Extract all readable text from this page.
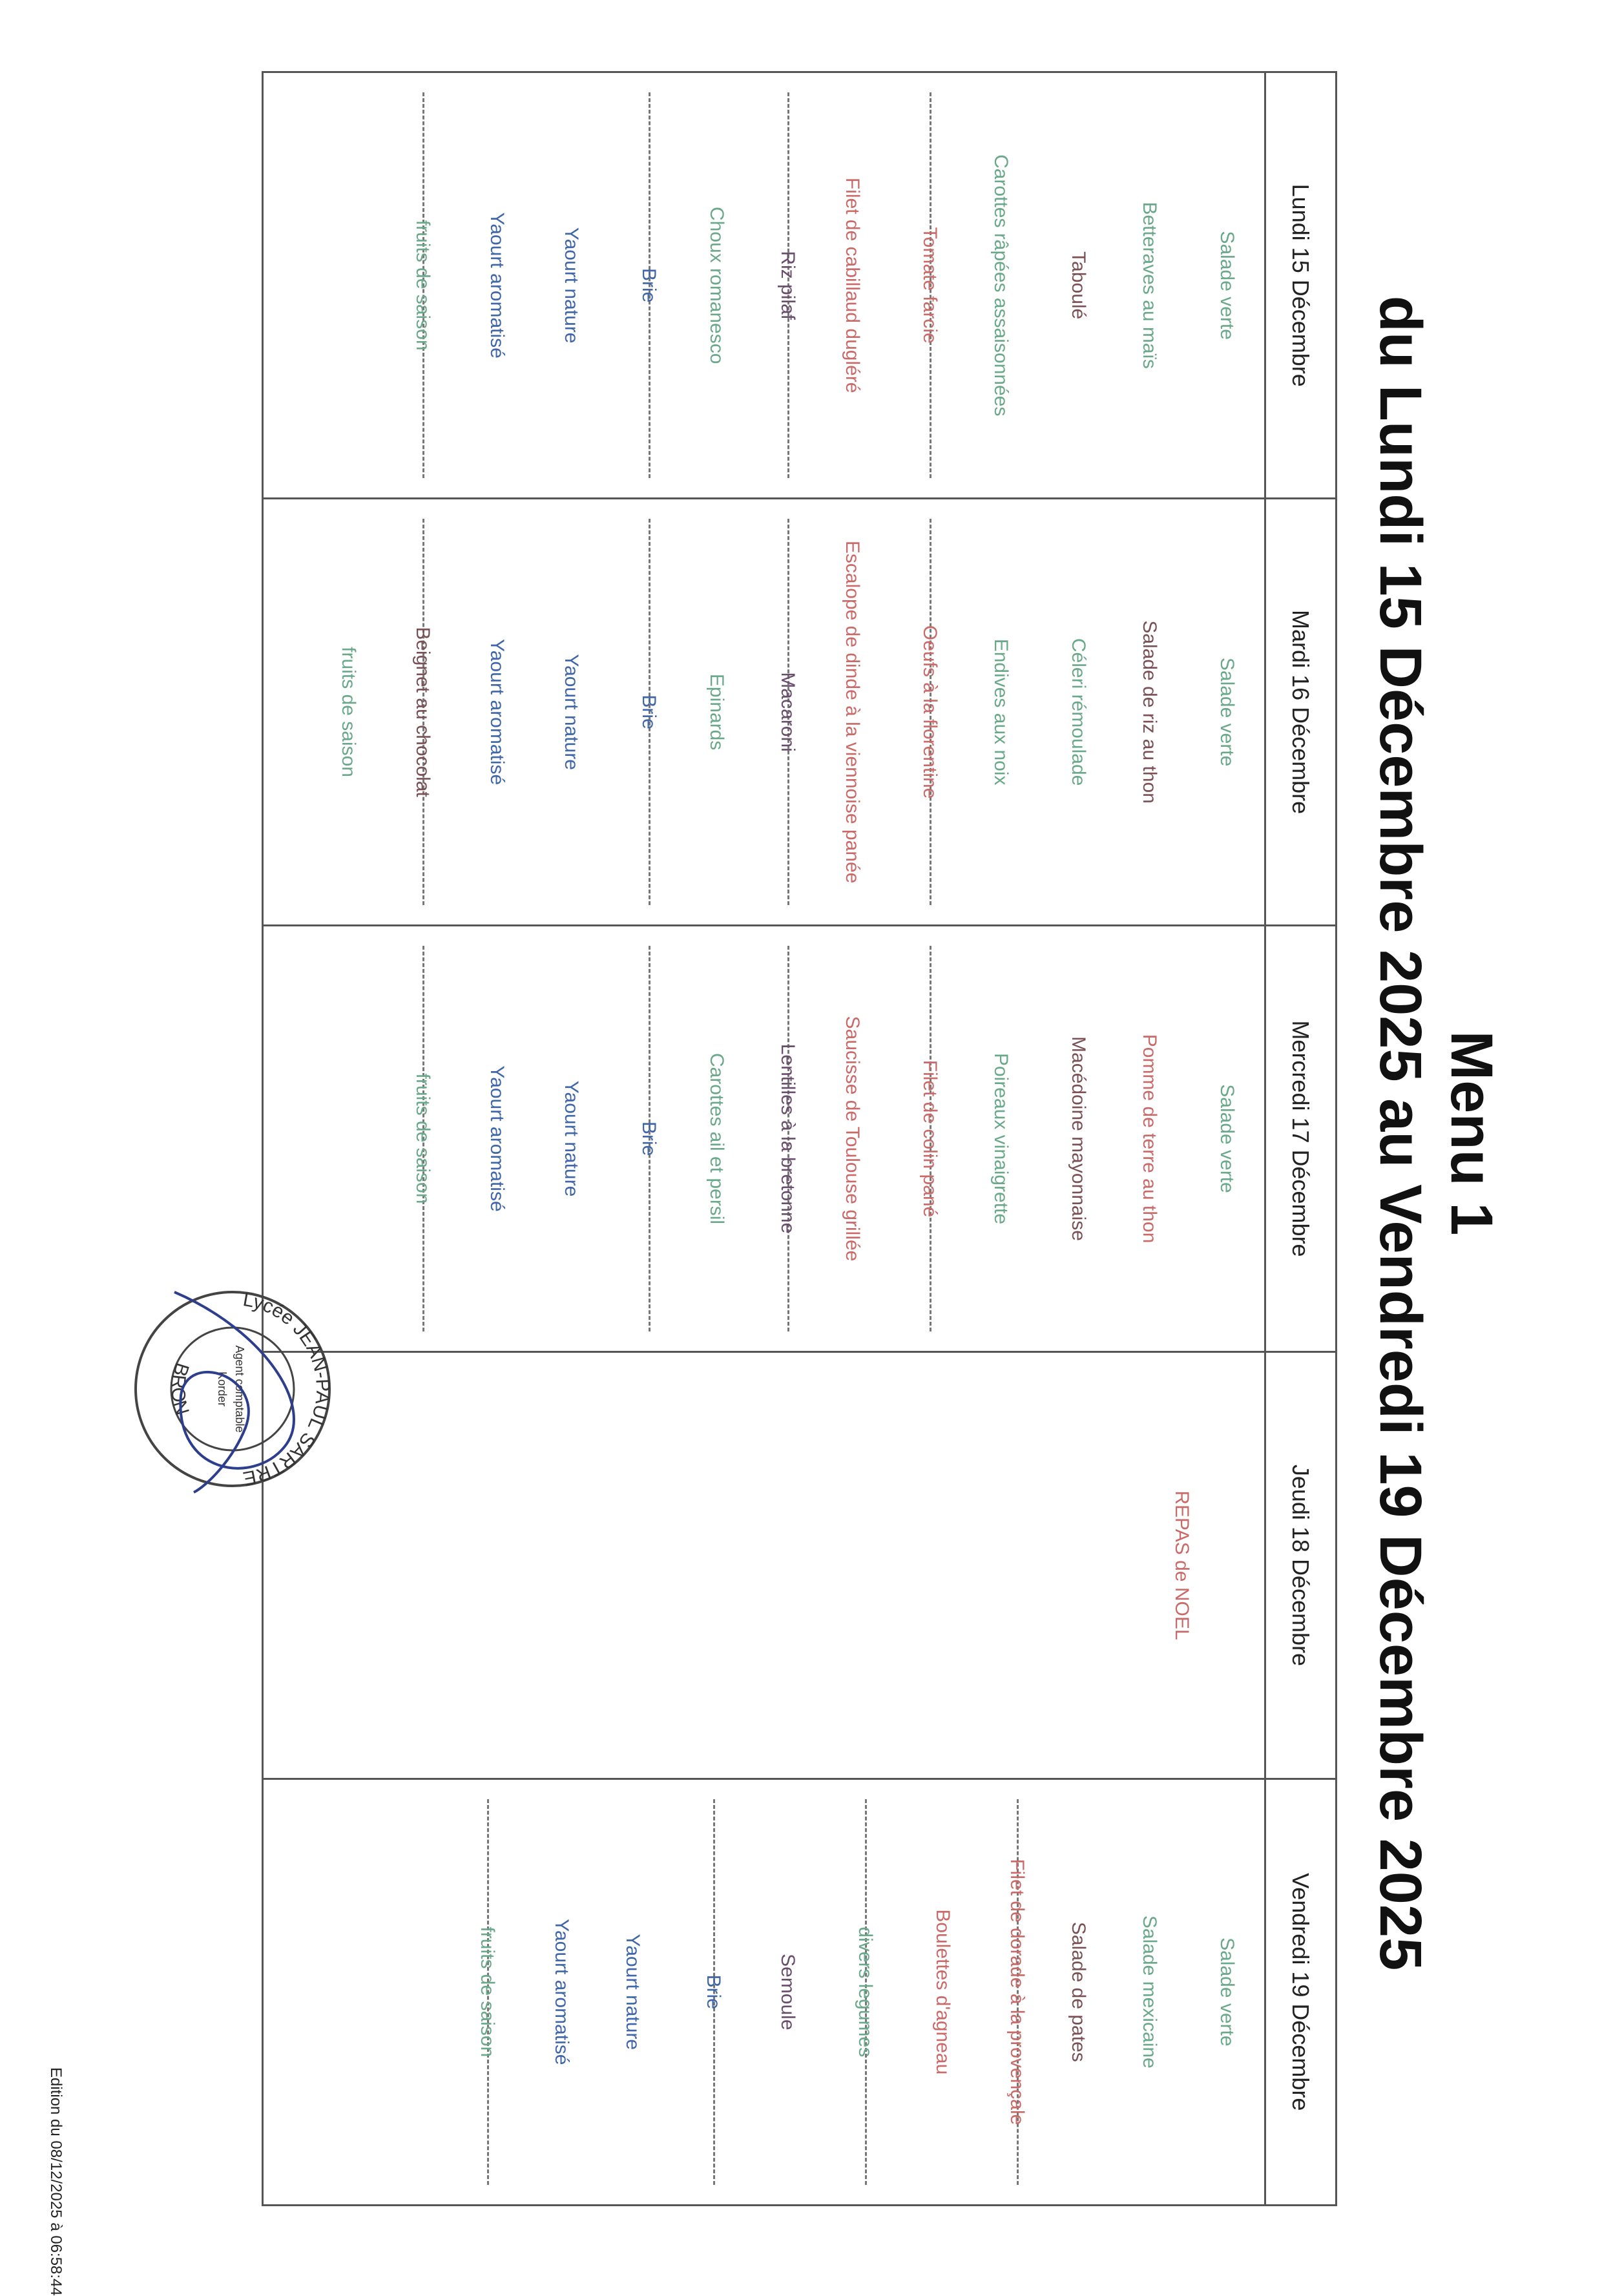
Menu 1
du Lundi 15 Décembre 2025 au Vendredi 19 Décembre 2025
Lundi 15 Décembre
Salade verte
Betteraves au maïs
Taboulé
Carottes râpées assaisonnées
Tomate farcie
Filet de cabillaud dugléré
Riz pilaf
Choux romanesco
Brie
Yaourt nature
Yaourt aromatisé
fruits de saison
Mardi 16 Décembre
Salade verte
Salade de riz au thon
Céleri rémoulade
Endives aux noix
Oeufs à la florentine
Escalope de dinde à la viennoise panée
Macaroni
Epinards
Brie
Yaourt nature
Yaourt aromatisé
Beignet au chocolat
fruits de saison
Mercredi 17 Décembre
Salade verte
Pomme de terre au thon
Macédoine mayonnaise
Poireaux vinaigrette
Filet de colin pané
Saucisse de Toulouse grillée
Lentilles à la bretonne
Carottes ail et persil
Brie
Yaourt nature
Yaourt aromatisé
fruits de saison
Jeudi 18 Décembre
REPAS de NOEL
Vendredi 19 Décembre
Salade verte
Salade mexicaine
Salade de pates
Filet de dorade à la provençale
Boulettes d'agneau
divers legumes
Semoule
Brie
Yaourt nature
Yaourt aromatisé
fruits de saison
Lycée JEAN-PAUL SARTRE
BRON	Agent comptable
Korder
Edition du 08/12/2025 à 06:58:44
